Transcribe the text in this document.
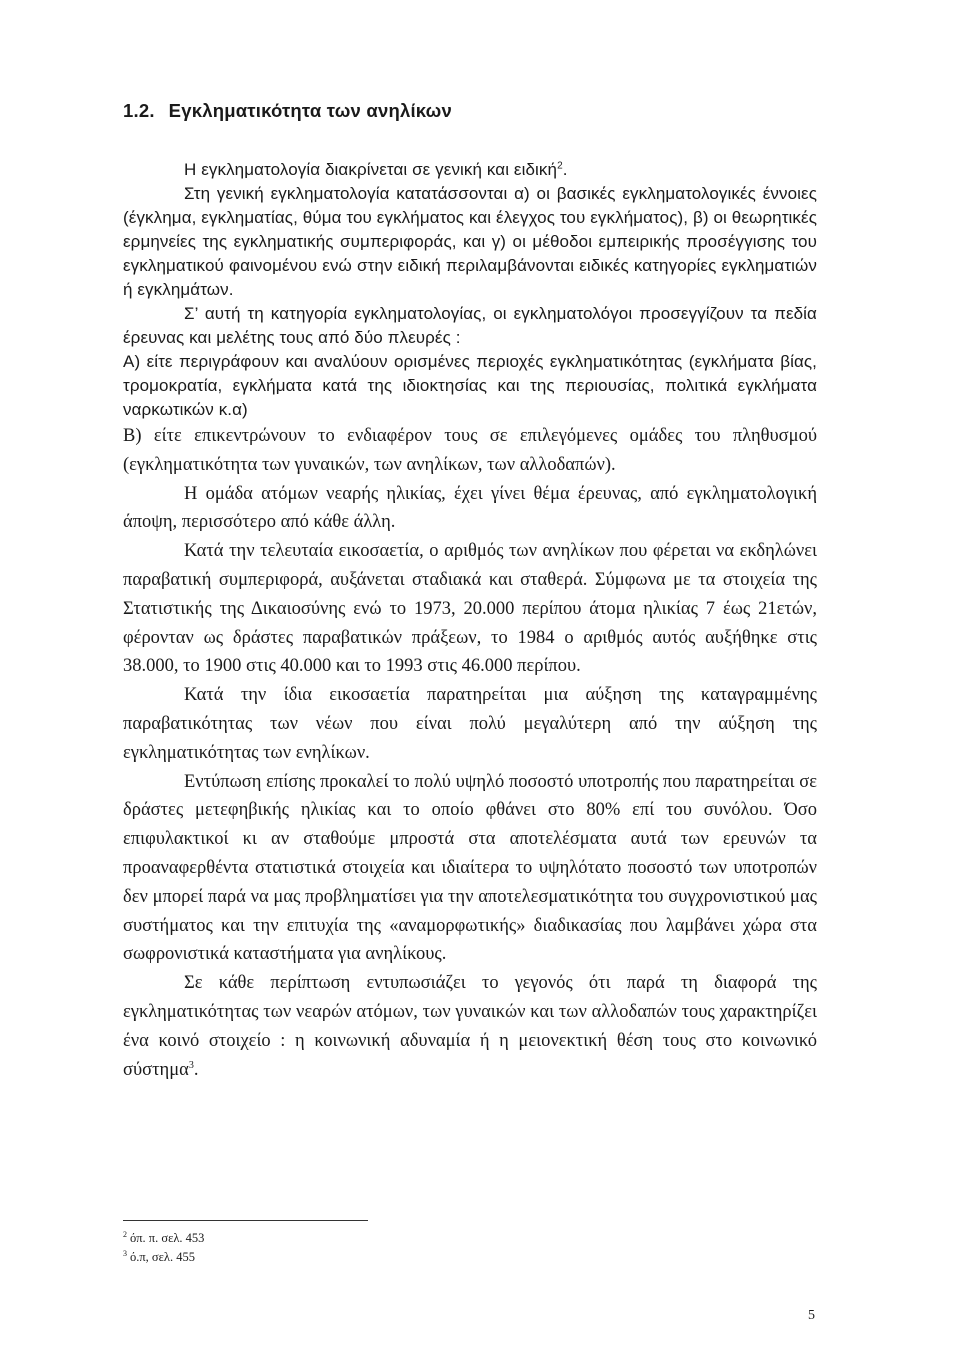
1.2. Εγκληματικότητα των ανηλίκων

Η εγκληματολογία διακρίνεται σε γενική και ειδική$^2$.

Στη γενική εγκληματολογία κατατάσσονται α) οι βασικές εγκληματολογικές έννοιες (έγκλημα, εγκληματίας, θύμα του εγκλήματος και έλεγχος του εγκλήματος), β) οι θεωρητικές ερμηνείες της εγκληματικής συμπεριφοράς, και γ) οι μέθοδοι εμπειρικής προσέγγισης του εγκληματικού φαινομένου ενώ στην ειδική περιλαμβάνονται ειδικές κατηγορίες εγκληματιών ή εγκλημάτων.

Σ’ αυτή τη κατηγορία εγκληματολογίας, οι εγκληματολόγοι προσεγγίζουν τα πεδία έρευνας και μελέτης τους από δύο πλευρές :

Α) είτε περιγράφουν και αναλύουν ορισμένες περιοχές εγκληματικότητας (εγκλήματα βίας, τρομοκρατία, εγκλήματα κατά της ιδιοκτησίας και της περιουσίας, πολιτικά εγκλήματα ναρκωτικών κ.α)

Β) είτε επικεντρώνουν το ενδιαφέρον τους σε επιλεγόμενες ομάδες του πληθυσμού (εγκληματικότητα των γυναικών, των ανηλίκων, των αλλοδαπών).

Η ομάδα ατόμων νεαρής ηλικίας, έχει γίνει θέμα έρευνας, από εγκληματολογική άποψη, περισσότερο από κάθε άλλη.

Κατά την τελευταία εικοσαετία, ο αριθμός των ανηλίκων που φέρεται να εκδηλώνει παραβατική συμπεριφορά, αυξάνεται σταδιακά και σταθερά. Σύμφωνα με τα στοιχεία της Στατιστικής της Δικαιοσύνης ενώ το 1973, 20.000 περίπου άτομα ηλικίας 7 έως 21ετών, φέρονταν ως δράστες παραβατικών πράξεων, το 1984 ο αριθμός αυτός αυξήθηκε στις 38.000, το 1900 στις 40.000 και το 1993 στις 46.000 περίπου.

Κατά την ίδια εικοσαετία παρατηρείται μια αύξηση της καταγραμμένης παραβατικότητας των νέων που είναι πολύ μεγαλύτερη από την αύξηση της εγκληματικότητας των ενηλίκων.

Εντύπωση επίσης προκαλεί το πολύ υψηλό ποσοστό υποτροπής που παρατηρείται σε δράστες μετεφηβικής ηλικίας και το οποίο φθάνει στο 80% επί του συνόλου. Όσο επιφυλακτικοί κι αν σταθούμε μπροστά στα αποτελέσματα αυτά των ερευνών τα προαναφερθέντα στατιστικά στοιχεία και ιδιαίτερα το υψηλότατο ποσοστό των υποτροπών δεν μπορεί παρά να μας προβληματίσει για την αποτελεσματικότητα του συγχρονιστικού μας συστήματος και την επιτυχία της «αναμορφωτικής» διαδικασίας που λαμβάνει χώρα στα σωφρονιστικά καταστήματα για ανηλίκους.

Σε κάθε περίπτωση εντυπωσιάζει το γεγονός ότι παρά τη διαφορά της εγκληματικότητας των νεαρών ατόμων, των γυναικών και των αλλοδαπών τους χαρακτηρίζει ένα κοινό στοιχείο : η κοινωνική αδυναμία ή η μειονεκτική θέση τους στο κοινωνικό σύστημα$^3$.

$^2$ όπ. π. σελ. 453
$^3$ ό.π, σελ. 455
5
